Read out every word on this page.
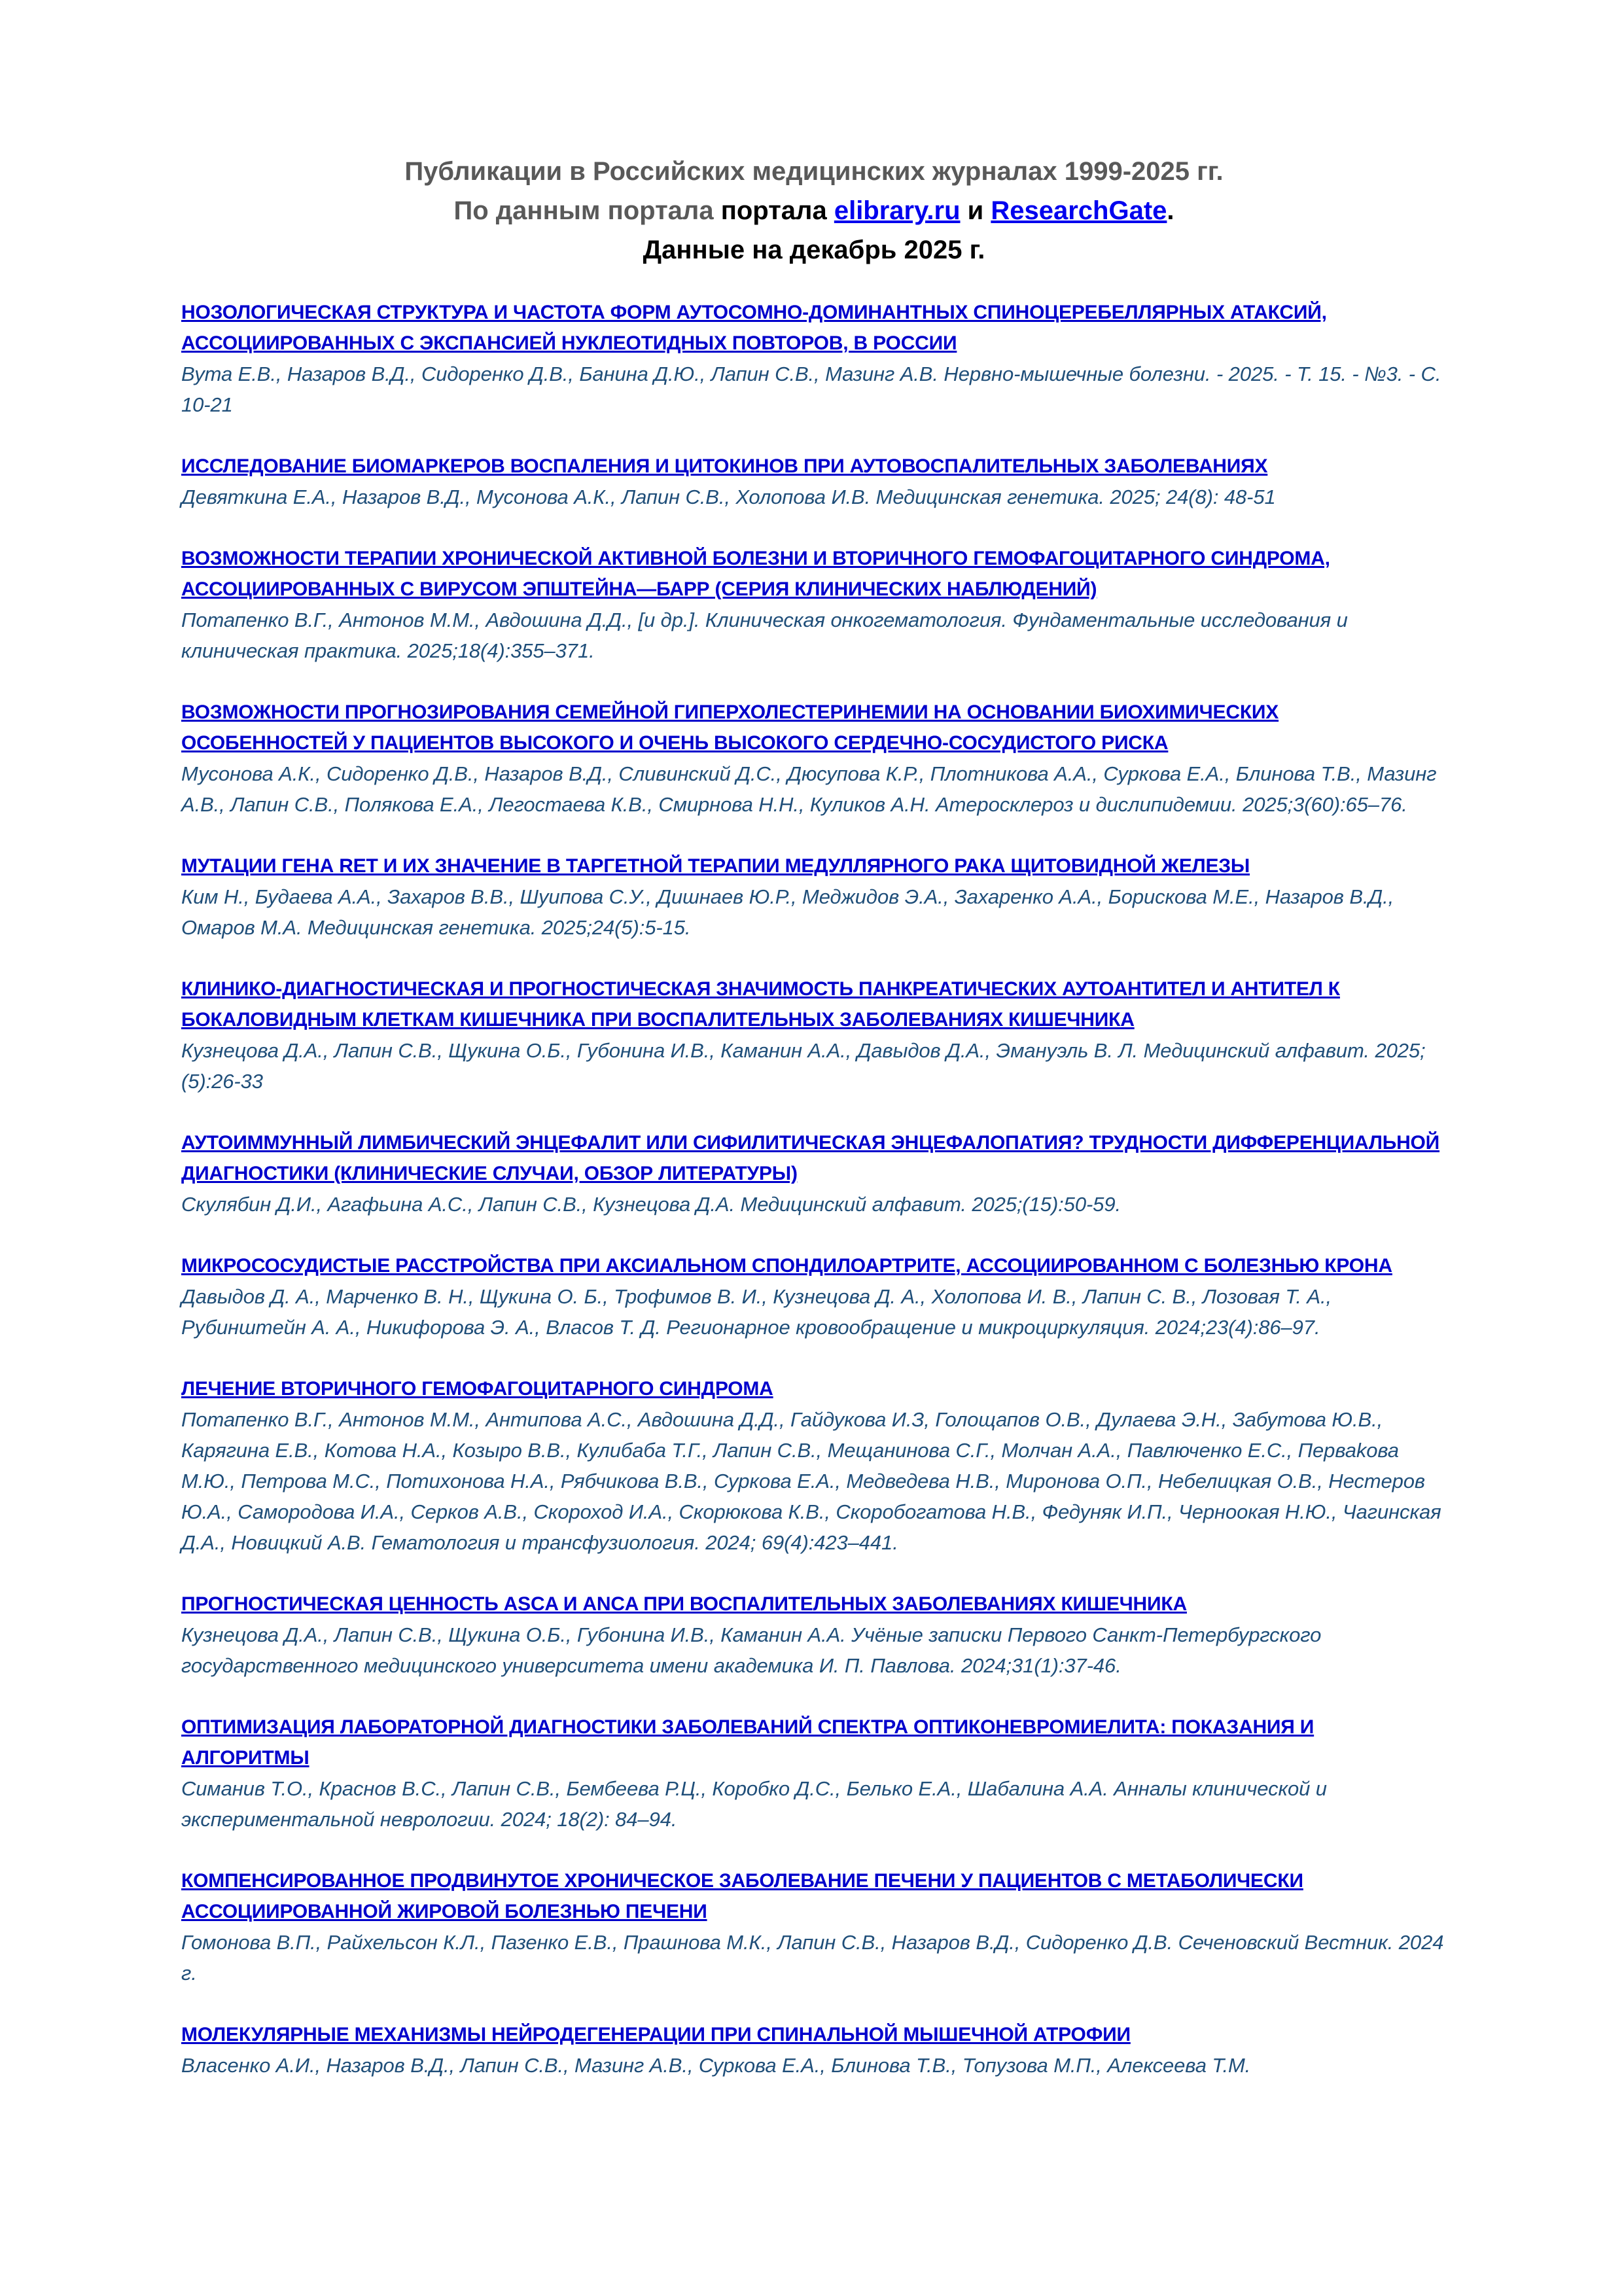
Публикации в Российских медицинских журналах 1999-2025 гг.
По данным портала портала elibrary.ru и ResearchGate.
Данные на декабрь 2025 г.
НОЗОЛОГИЧЕСКАЯ СТРУКТУРА И ЧАСТОТА ФОРМ АУТОСОМНО-ДОМИНАНТНЫХ СПИНОЦЕРЕБЕЛЛЯРНЫХ АТАКСИЙ, АССОЦИИРОВАННЫХ С ЭКСПАНСИЕЙ НУКЛЕОТИДНЫХ ПОВТОРОВ, В РОССИИ
Вута Е.В., Назаров В.Д., Сидоренко Д.В., Банина Д.Ю., Лапин С.В., Мазинг А.В. Нервно-мышечные болезни. - 2025. - Т. 15. - №3. - С. 10-21
ИССЛЕДОВАНИЕ БИОМАРКЕРОВ ВОСПАЛЕНИЯ И ЦИТОКИНОВ ПРИ АУТОВОСПАЛИТЕЛЬНЫХ ЗАБОЛЕВАНИЯХ
Девяткина Е.А., Назаров В.Д., Мусонова А.К., Лапин С.В., Холопова И.В. Медицинская генетика. 2025; 24(8): 48-51
ВОЗМОЖНОСТИ ТЕРАПИИ ХРОНИЧЕСКОЙ АКТИВНОЙ БОЛЕЗНИ И ВТОРИЧНОГО ГЕМОФАГОЦИТАРНОГО СИНДРОМА, АССОЦИИРОВАННЫХ С ВИРУСОМ ЭПШТЕЙНА—БАРР (СЕРИЯ КЛИНИЧЕСКИХ НАБЛЮДЕНИЙ)
Потапенко В.Г., Антонов М.М., Авдошина Д.Д., [и др.]. Клиническая онкогематология. Фундаментальные исследования и клиническая практика. 2025;18(4):355–371.
ВОЗМОЖНОСТИ ПРОГНОЗИРОВАНИЯ СЕМЕЙНОЙ ГИПЕРХОЛЕСТЕРИНЕМИИ НА ОСНОВАНИИ БИОХИМИЧЕСКИХ ОСОБЕННОСТЕЙ У ПАЦИЕНТОВ ВЫСОКОГО И ОЧЕНЬ ВЫСОКОГО СЕРДЕЧНО-СОСУДИСТОГО РИСКА
Мусонова А.К., Сидоренко Д.В., Назаров В.Д., Сливинский Д.С., Дюсупова К.Р., Плотникова А.А., Суркова Е.А., Блинова Т.В., Мазинг А.В., Лапин С.В., Полякова Е.А., Легостаева К.В., Смирнова Н.Н., Куликов А.Н. Атеросклероз и дислипидемии. 2025;3(60):65–76.
МУТАЦИИ ГЕНА RET И ИХ ЗНАЧЕНИЕ В ТАРГЕТНОЙ ТЕРАПИИ МЕДУЛЛЯРНОГО РАКА ЩИТОВИДНОЙ ЖЕЛЕЗЫ
Ким Н., Будаева А.А., Захаров В.В., Шуипова С.У., Дишнаев Ю.Р., Меджидов Э.А., Захаренко А.А., Борискова М.Е., Назаров В.Д., Омаров М.А. Медицинская генетика. 2025;24(5):5-15.
КЛИНИКО-ДИАГНОСТИЧЕСКАЯ И ПРОГНОСТИЧЕСКАЯ ЗНАЧИМОСТЬ ПАНКРЕАТИЧЕСКИХ АУТОАНТИТЕЛ И АНТИТЕЛ К БОКАЛОВИДНЫМ КЛЕТКАМ КИШЕЧНИКА ПРИ ВОСПАЛИТЕЛЬНЫХ ЗАБОЛЕВАНИЯХ КИШЕЧНИКА
Кузнецова Д.А., Лапин С.В., Щукина О.Б., Губонина И.В., Каманин А.А., Давыдов Д.А., Эмануэль В. Л. Медицинский алфавит. 2025;(5):26-33
АУТОИММУННЫЙ ЛИМБИЧЕСКИЙ ЭНЦЕФАЛИТ ИЛИ СИФИЛИТИЧЕСКАЯ ЭНЦЕФАЛОПАТИЯ? ТРУДНОСТИ ДИФФЕРЕНЦИАЛЬНОЙ ДИАГНОСТИКИ (КЛИНИЧЕСКИЕ СЛУЧАИ, ОБЗОР ЛИТЕРАТУРЫ)
Скулябин Д.И., Агафьина А.С., Лапин С.В., Кузнецова Д.А. Медицинский алфавит. 2025;(15):50-59.
МИКРОСОСУДИСТЫЕ РАССТРОЙСТВА ПРИ АКСИАЛЬНОМ СПОНДИЛОАРТРИТЕ, АССОЦИИРОВАННОМ С БОЛЕЗНЬЮ КРОНА
Давыдов Д. А., Марченко В. Н., Щукина О. Б., Трофимов В. И., Кузнецова Д. А., Холопова И. В., Лапин С. В., Лозовая Т. А., Рубинштейн А. А., Никифорова Э. А., Власов Т. Д. Регионарное кровообращение и микроциркуляция. 2024;23(4):86–97.
ЛЕЧЕНИЕ ВТОРИЧНОГО ГЕМОФАГОЦИТАРНОГО СИНДРОМА
Потапенко В.Г., Антонов М.М., Антипова А.С., Авдошина Д.Д., Гайдукова И.З, Голощапов О.В., Дулаева Э.Н., Забутова Ю.В., Карягина Е.В., Котова Н.А., Козыро В.В., Кулибаба Т.Г., Лапин С.В., Мещанинова С.Г., Молчан А.А., Павлюченко Е.С., Перваkова М.Ю., Петрова М.С., Потихонова Н.А., Рябчикова В.В., Суркова Е.А., Медведева Н.В., Миронова О.П., Небелицкая О.В., Нестеров Ю.А., Самородова И.А., Серков А.В., Скороход И.А., Скорюкова К.В., Скоробогатова Н.В., Федуняк И.П., Черноокая Н.Ю., Чагинская Д.А., Новицкий А.В. Гематология и трансфузиология. 2024; 69(4):423–441.
ПРОГНОСТИЧЕСКАЯ ЦЕННОСТЬ ASCA И ANCA ПРИ ВОСПАЛИТЕЛЬНЫХ ЗАБОЛЕВАНИЯХ КИШЕЧНИКА
Кузнецова Д.А., Лапин С.В., Щукина О.Б., Губонина И.В., Каманин А.А. Учёные записки Первого Санкт-Петербургского государственного медицинского университета имени академика И. П. Павлова. 2024;31(1):37-46.
ОПТИМИЗАЦИЯ ЛАБОРАТОРНОЙ ДИАГНОСТИКИ ЗАБОЛЕВАНИЙ СПЕКТРА ОПТИКОНЕВРОМИЕЛИТА: ПОКАЗАНИЯ И АЛГОРИТМЫ
Симанив Т.О., Краснов В.С., Лапин С.В., Бембеева Р.Ц., Коробко Д.С., Белько Е.А., Шабалина А.А. Анналы клинической и экспериментальной неврологии. 2024; 18(2): 84–94.
КОМПЕНСИРОВАННОЕ ПРОДВИНУТОЕ ХРОНИЧЕСКОЕ ЗАБОЛЕВАНИЕ ПЕЧЕНИ У ПАЦИЕНТОВ С МЕТАБОЛИЧЕСКИ АССОЦИИРОВАННОЙ ЖИРОВОЙ БОЛЕЗНЬЮ ПЕЧЕНИ
Гомонова В.П., Райхельсон К.Л., Пазенко Е.В., Прашнова М.К., Лапин С.В., Назаров В.Д., Сидоренко Д.В. Сеченовский Вестник. 2024 г.
МОЛЕКУЛЯРНЫЕ МЕХАНИЗМЫ НЕЙРОДЕГЕНЕРАЦИИ ПРИ СПИНАЛЬНОЙ МЫШЕЧНОЙ АТРОФИИ
Власенко А.И., Назаров В.Д., Лапин С.В., Мазинг А.В., Суркова Е.А., Блинова Т.В., Топузова М.П., Алексеева Т.М.
